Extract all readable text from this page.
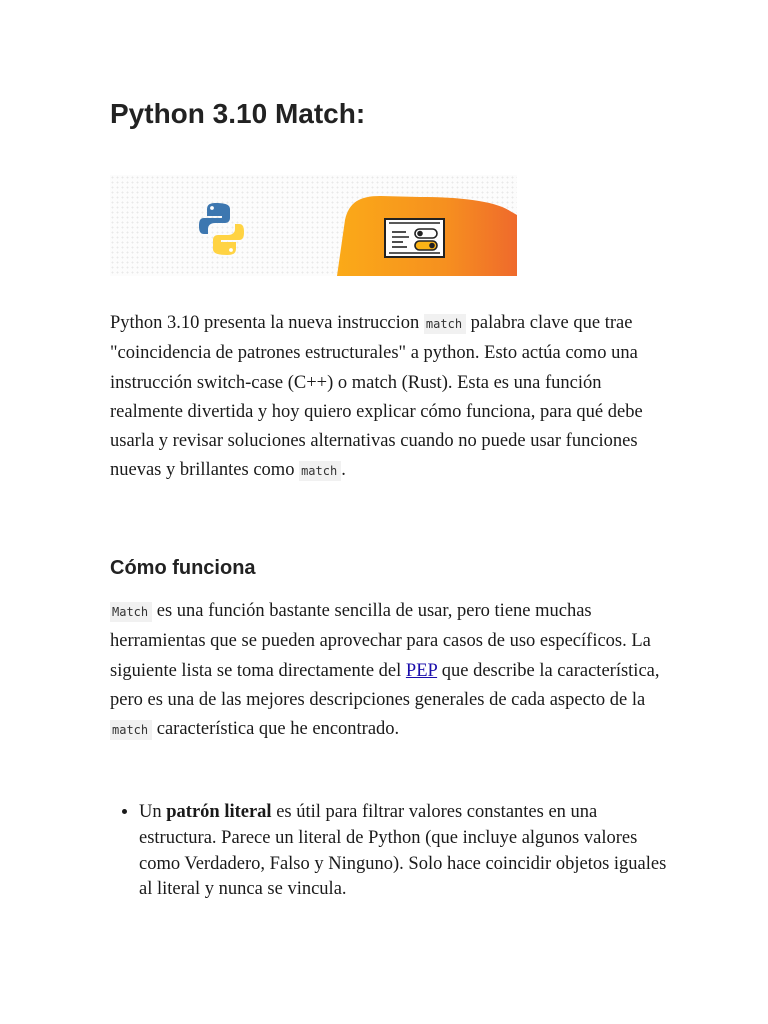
Python 3.10 Match:

Python 3.10 presenta la nueva instruccion match palabra clave que trae "coincidencia de patrones estructurales" a python. Esto actúa como una instrucción switch-case (C++) o match (Rust). Esta es una función realmente divertida y hoy quiero explicar cómo funciona, para qué debe usarla y revisar soluciones alternativas cuando no puede usar funciones nuevas y brillantes como match .

Cómo funciona

Match es una función bastante sencilla de usar, pero tiene muchas herramientas que se pueden aprovechar para casos de uso específicos. La siguiente lista se toma directamente del PEP que describe la característica, pero es una de las mejores descripciones generales de cada aspecto de la match característica que he encontrado.

• Un patrón literal es útil para filtrar valores constantes en una estructura. Parece un literal de Python (que incluye algunos valores como Verdadero, Falso y Ninguno). Solo hace coincidir objetos iguales al literal y nunca se vincula.
